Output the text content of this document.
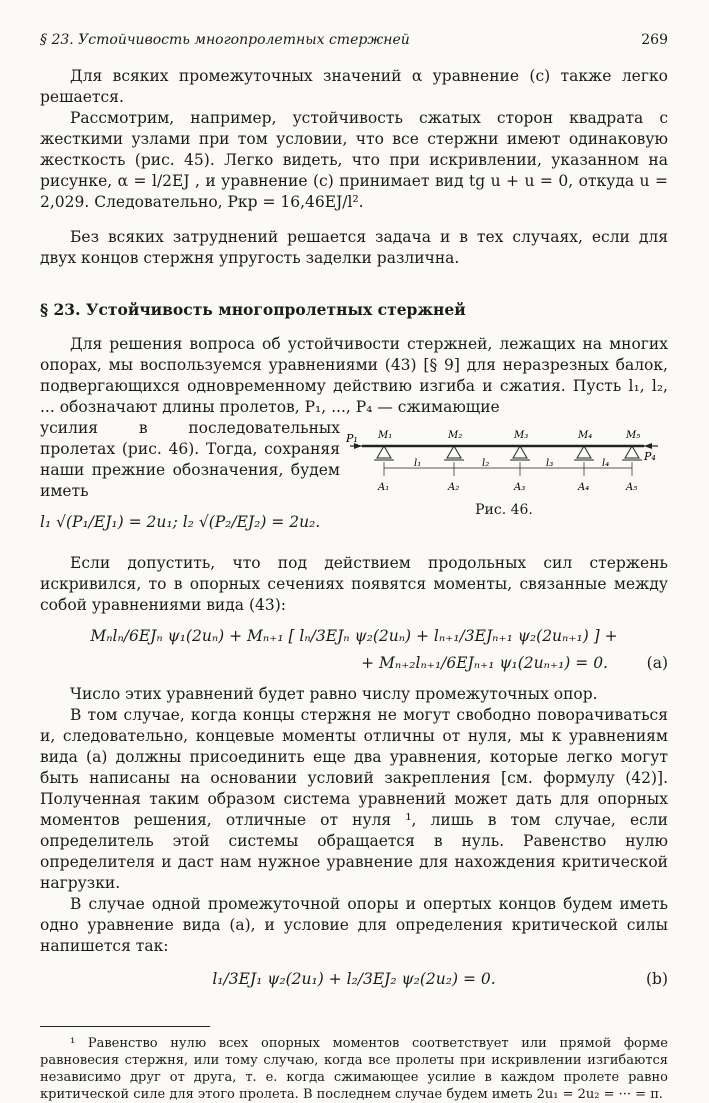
§ 23. Устойчивость многопролетных стержней	269

Для всяких промежуточных значений α уравнение (с) также легко решается.

Рассмотрим, например, устойчивость сжатых сторон квадрата с жесткими узлами при том условии, что все стержни имеют одинаковую жесткость (рис. 45). Легко видеть, что при искривлении, указанном на рисунке, α = l/2EJ , и уравнение (с) принимает вид tg u + u = 0, откуда u = 2,029. Следовательно, Pкр = 16,46EJ/l².

Без всяких затруднений решается задача и в тех случаях, если для двух концов стержня упругость заделки различна.

§ 23. Устойчивость многопролетных стержней

Для решения вопроса об устойчивости стержней, лежащих на многих опорах, мы воспользуемся уравнениями (43) [§ 9] для неразрезных балок, подвергающихся одновременному действию изгиба и сжатия. Пусть l₁, l₂, ... обозначают длины пролетов, P₁, ..., P₄ — сжимающие

усилия в последовательных пролетах (рис. 46). Тогда, сохраняя наши прежние обозначения, будем иметь

l₁ √(P₁/EJ₁) = 2u₁; l₂ √(P₂/EJ₂) = 2u₂.
P₁
P₄
M₁	M₂	M₃	M₄	M₅
l₁	l₂	l₃	l₄
A₁	A₂	A₃	A₄	A₅
Рис. 46.

Если допустить, что под действием продольных сил стержень искривился, то в опорных сечениях появятся моменты, связанные между собой уравнениями вида (43):

Mₙlₙ/6EJₙ ψ₁(2uₙ) + Mₙ₊₁ [ lₙ/3EJₙ ψ₂(2uₙ) + lₙ₊₁/3EJₙ₊₁ ψ₂(2uₙ₊₁) ] +
+ Mₙ₊₂lₙ₊₁/6EJₙ₊₁ ψ₁(2uₙ₊₁) = 0. (a)

Число этих уравнений будет равно числу промежуточных опор.

В том случае, когда концы стержня не могут свободно поворачиваться и, следовательно, концевые моменты отличны от нуля, мы к уравнениям вида (a) должны присоединить еще два уравнения, которые легко могут быть написаны на основании условий закрепления [см. формулу (42)]. Полученная таким образом система уравнений может дать для опорных моментов решения, отличные от нуля ¹, лишь в том случае, если определитель этой системы обращается в нуль. Равенство нулю определителя и даст нам нужное уравнение для нахождения критической нагрузки.

В случае одной промежуточной опоры и опертых концов будем иметь одно уравнение вида (a), и условие для определения критической силы напишется так:

l₁/3EJ₁ ψ₂(2u₁) + l₂/3EJ₂ ψ₂(2u₂) = 0.	(b)

¹ Равенство нулю всех опорных моментов соответствует или прямой форме равновесия стержня, или тому случаю, когда все пролеты при искривлении изгибаются независимо друг от друга, т. е. когда сжимающее усилие в каждом пролете равно критической силе для этого пролета. В последнем случае будем иметь 2u₁ = 2u₂ = ··· = π.
